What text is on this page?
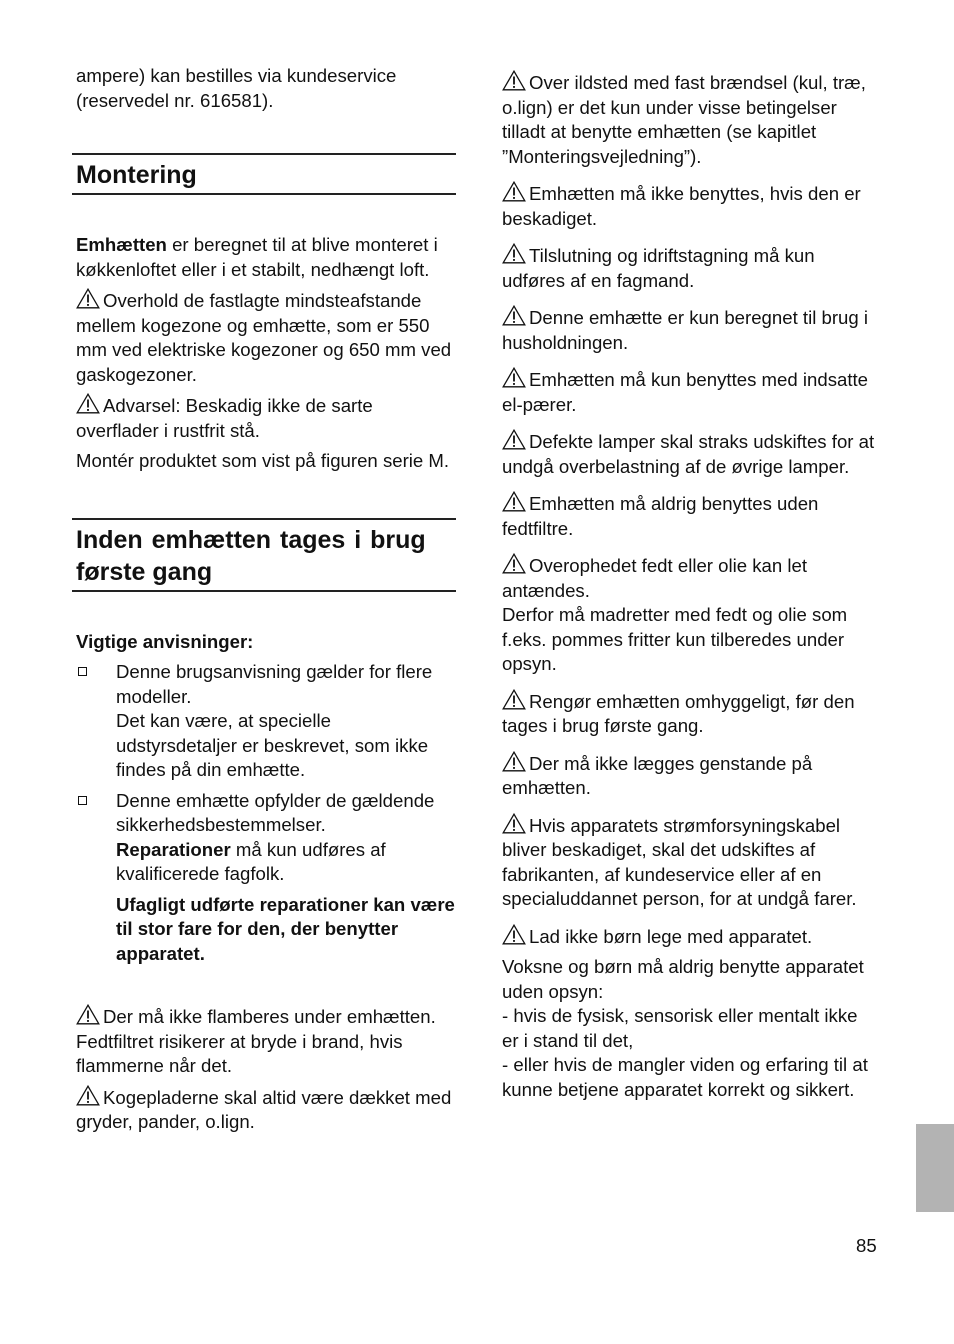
ampere) kan bestilles via kundeservice (reservedel nr. 616581).

Montering

Emhætten er beregnet til at blive monteret i køkkenloftet eller i et stabilt, nedhængt loft.

Overhold de fastlagte mindsteafstande mellem kogezone og emhætte, som er 550 mm ved elektriske kogezoner og 650 mm ved gaskogezoner.

Advarsel: Beskadig ikke de sarte overflader i rustfrit stå.

Montér produktet som vist på figuren serie M.

Inden emhætten tages i brug
første gang

Vigtige anvisninger:

Denne brugsanvisning gælder for flere modeller.

Det kan være, at specielle udstyrsdetaljer er beskrevet, som ikke findes på din emhætte.

Denne emhætte opfylder de gældende sikkerhedsbestemmelser.

Reparationer må kun udføres af kvalificerede fagfolk.

Ufagligt udførte reparationer kan være til stor fare for den, der benytter apparatet.

Der må ikke flamberes under emhætten. Fedtfiltret risikerer at bryde i brand, hvis flammerne når det.

Kogepladerne skal altid være dækket med gryder, pander, o.lign.

Over ildsted med fast brændsel (kul, træ, o.lign) er det kun under visse betingelser tilladt at benytte emhætten (se kapitlet ”Monteringsvejledning”).

Emhætten må ikke benyttes, hvis den er beskadiget.

Tilslutning og idriftstagning må kun udføres af en fagmand.

Denne emhætte er kun beregnet til brug i husholdningen.

Emhætten må kun benyttes med indsatte el-pærer.

Defekte lamper skal straks udskiftes for at undgå overbelastning af de øvrige lamper.

Emhætten må aldrig benyttes uden fedtfiltre.

Overophedet fedt eller olie kan let antændes.

Derfor må madretter med fedt og olie som f.eks. pommes fritter kun tilberedes under opsyn.

Rengør emhætten omhyggeligt, før den tages i brug første gang.

Der må ikke lægges genstande på emhætten.

Hvis apparatets strømforsyningskabel bliver beskadiget, skal det udskiftes af fabrikanten, af kundeservice eller af en specialuddannet person, for at undgå farer.

Lad ikke børn lege med apparatet.

Voksne og børn må aldrig benytte apparatet uden opsyn:

- hvis de fysisk, sensorisk eller mentalt ikke er i stand til det,

- eller hvis de mangler viden og erfaring til at kunne betjene apparatet korrekt og sikkert.

85
